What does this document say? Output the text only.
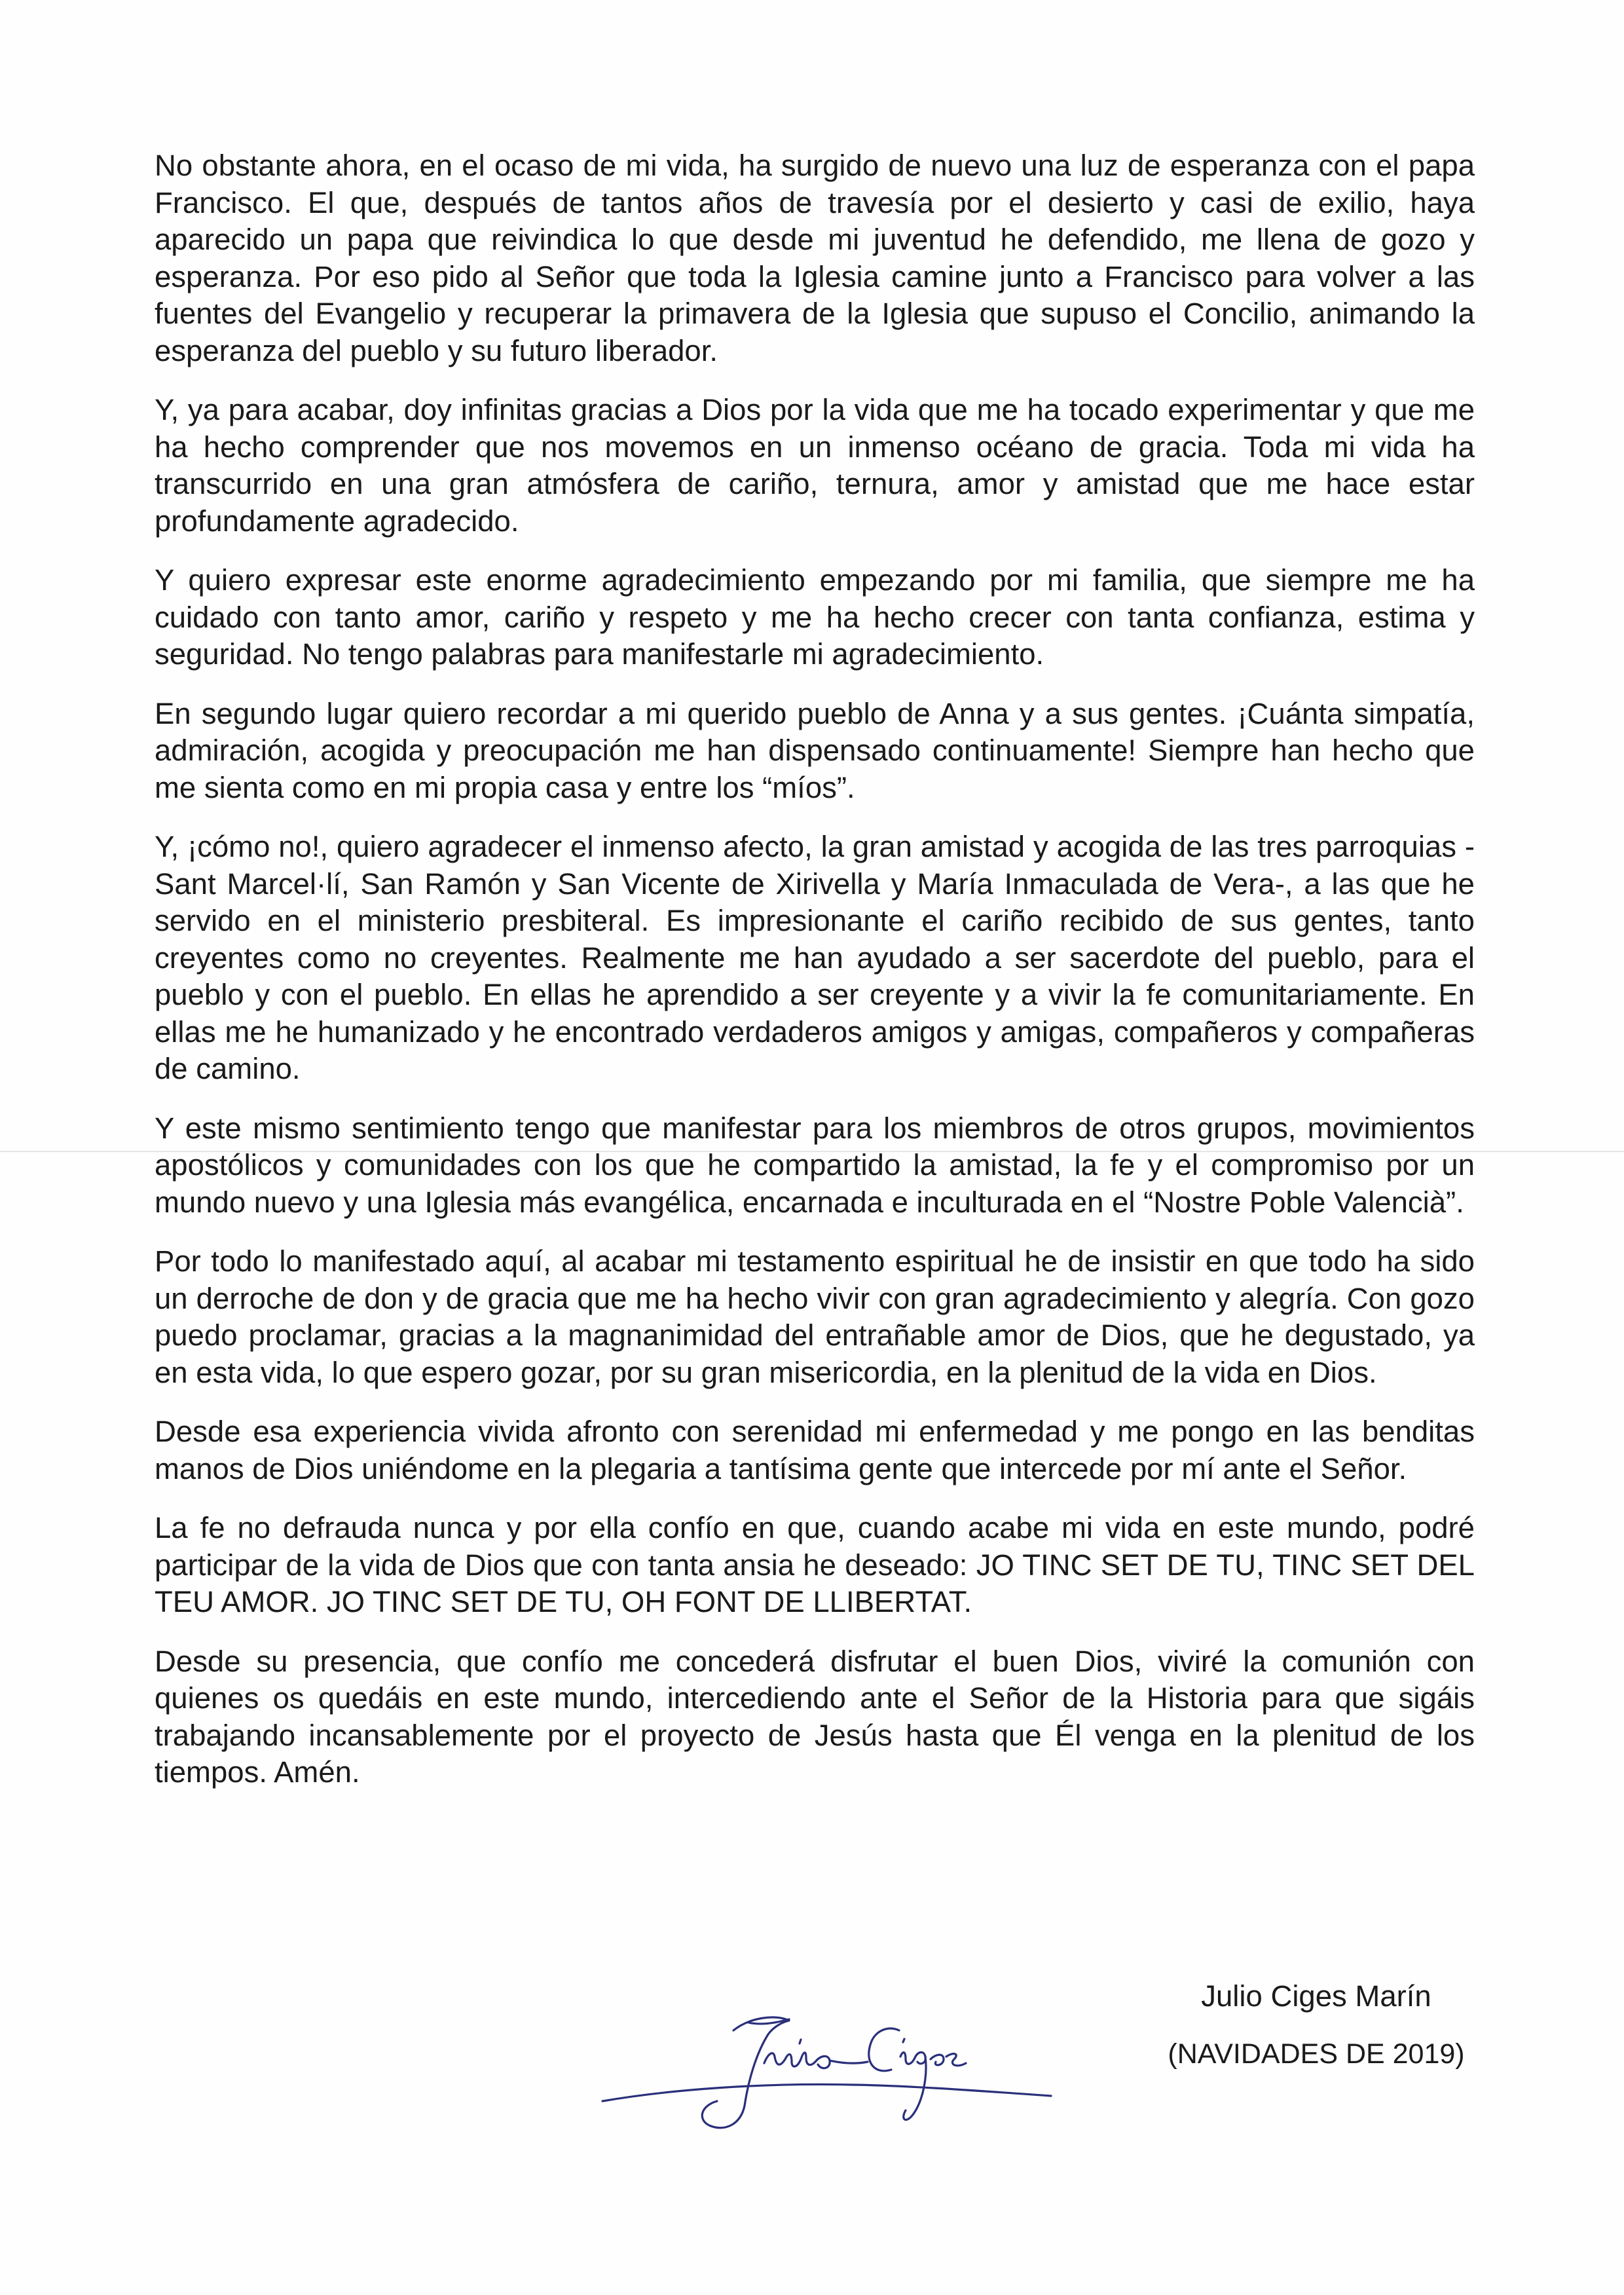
No obstante ahora, en el ocaso de mi vida, ha surgido de nuevo una luz de esperanza con el papa Francisco. El que, después de tantos años de travesía por el desierto y casi de exilio, haya aparecido un papa que reivindica lo que desde mi juventud he defendido, me llena de gozo y esperanza. Por eso pido al Señor que toda la Iglesia camine junto a Francisco para volver a las fuentes del Evangelio y recuperar la primavera de la Iglesia que supuso el Concilio, animando la esperanza del pueblo y su futuro liberador.

Y, ya para acabar, doy infinitas gracias a Dios por la vida que me ha tocado experimentar y que me ha hecho comprender que nos movemos en un inmenso océano de gracia. Toda mi vida ha transcurrido en una gran atmósfera de cariño, ternura, amor y amistad que me hace estar profundamente agradecido.

Y quiero expresar este enorme agradecimiento empezando por mi familia, que siempre me ha cuidado con tanto amor, cariño y respeto y me ha hecho crecer con tanta confianza, estima y seguridad. No tengo palabras para manifestarle mi agradecimiento.

En segundo lugar quiero recordar a mi querido pueblo de Anna y a sus gentes. ¡Cuánta simpatía, admiración, acogida y preocupación me han dispensado continuamente! Siempre han hecho que me sienta como en mi propia casa y entre los “míos”.

Y, ¡cómo no!, quiero agradecer el inmenso afecto, la gran amistad y acogida de las tres parroquias - Sant Marcel·lí, San Ramón y San Vicente de Xirivella y María Inmaculada de Vera-, a las que he servido en el ministerio presbiteral. Es impresionante el cariño recibido de sus gentes, tanto creyentes como no creyentes. Realmente me han ayudado a ser sacerdote del pueblo, para el pueblo y con el pueblo. En ellas he aprendido a ser creyente y a vivir la fe comunitariamente. En ellas me he humanizado y he encontrado verdaderos amigos y amigas, compañeros y compañeras de camino.

Y este mismo sentimiento tengo que manifestar para los miembros de otros grupos, movimientos apostólicos y comunidades con los que he compartido la amistad, la fe y el compromiso por un mundo nuevo y una Iglesia más evangélica, encarnada e inculturada en el “Nostre Poble Valencià”.

Por todo lo manifestado aquí, al acabar mi testamento espiritual he de insistir en que todo ha sido un derroche de don y de gracia que me ha hecho vivir con gran agradecimiento y alegría. Con gozo puedo proclamar, gracias a la magnanimidad del entrañable amor de Dios, que he degustado, ya en esta vida, lo que espero gozar, por su gran misericordia, en la plenitud de la vida en Dios.

Desde esa experiencia vivida afronto con serenidad mi enfermedad y me pongo en las benditas manos de Dios uniéndome en la plegaria a tantísima gente que intercede por mí ante el Señor.

La fe no defrauda nunca y por ella confío en que, cuando acabe mi vida en este mundo, podré participar de la vida de Dios que con tanta ansia he deseado: JO TINC SET DE TU, TINC SET DEL TEU AMOR. JO TINC SET DE TU, OH FONT DE LLIBERTAT.

Desde su presencia, que confío me concederá disfrutar el buen Dios, viviré la comunión con quienes os quedáis en este mundo, intercediendo ante el Señor de la Historia para que sigáis trabajando incansablemente por el proyecto de Jesús hasta que Él venga en la plenitud de los tiempos. Amén.

Julio Ciges Marín
(NAVIDADES DE 2019)
